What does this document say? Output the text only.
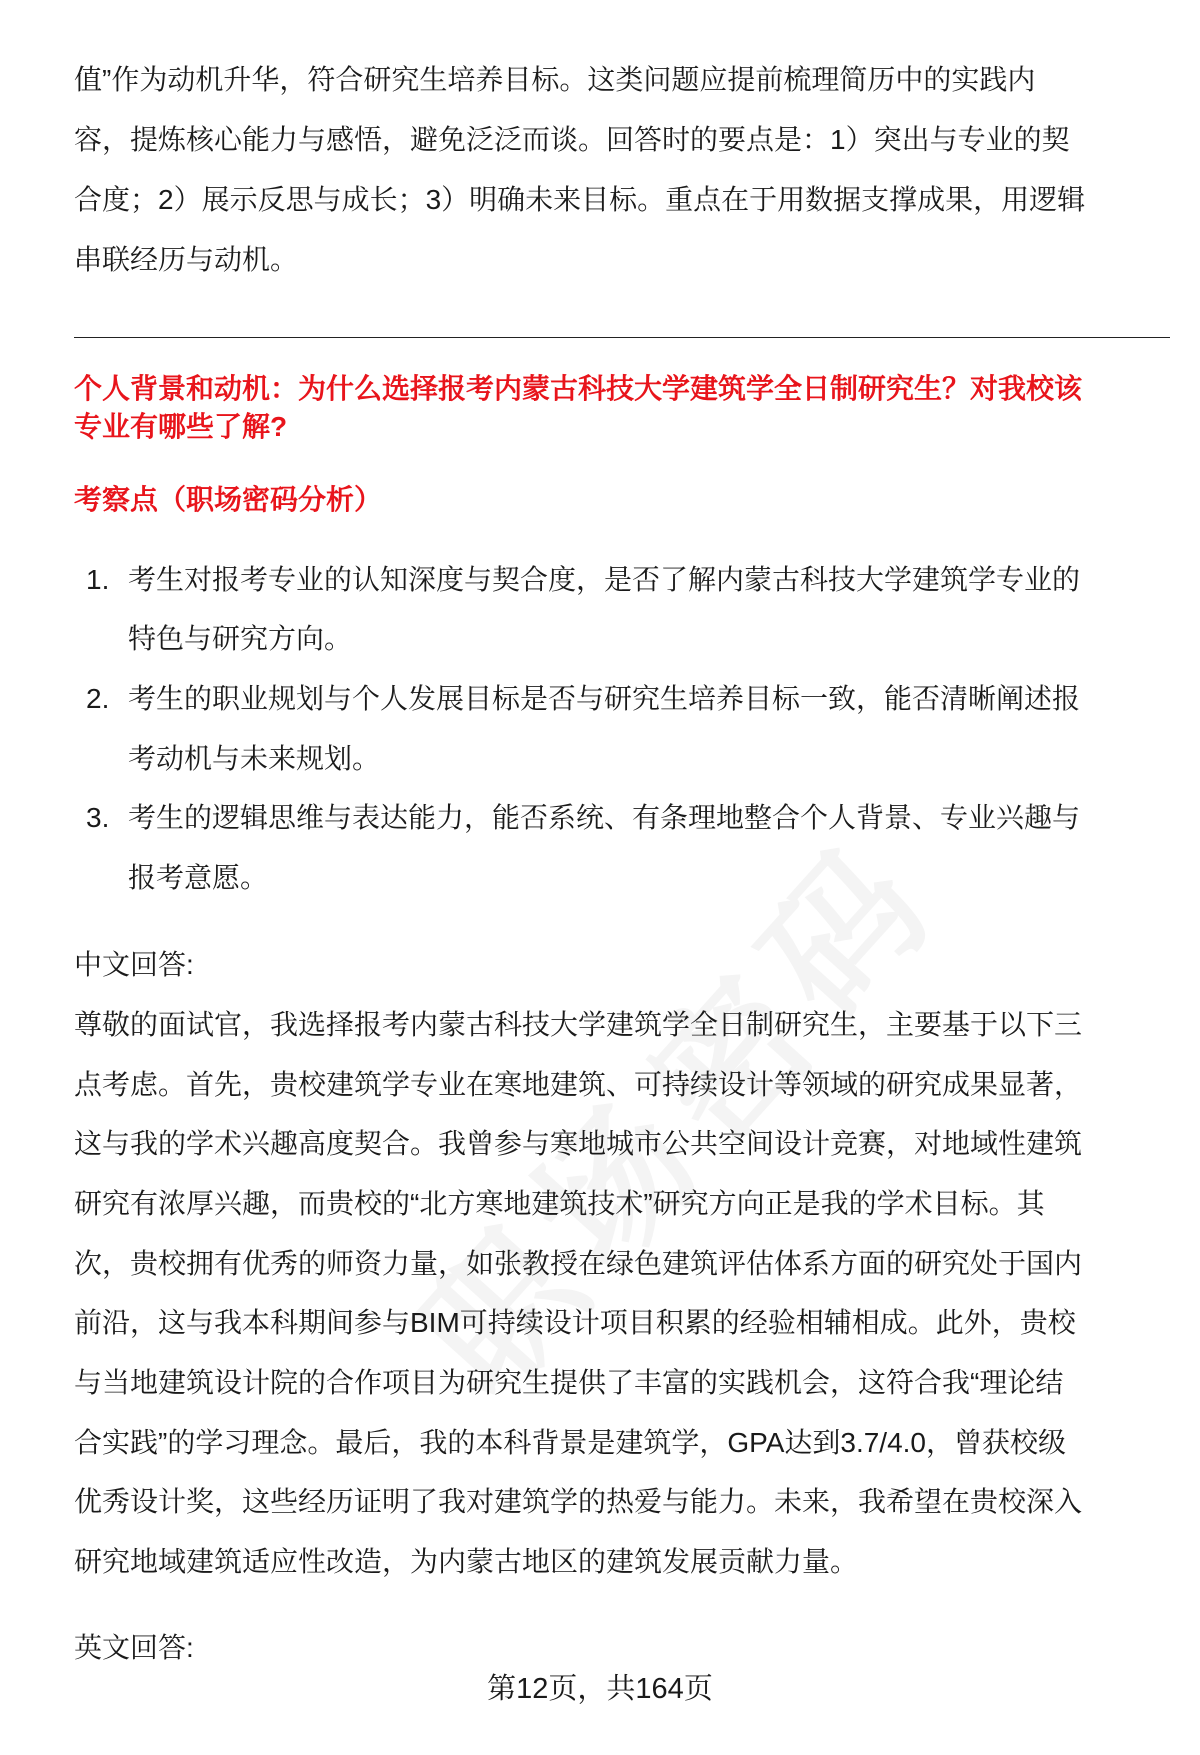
值”作为动机升华，符合研究生培养目标。这类问题应提前梳理简历中的实践内
容，提炼核心能力与感悟，避免泛泛而谈。回答时的要点是：1）突出与专业的契
合度；2）展示反思与成长；3）明确未来目标。重点在于用数据支撑成果，用逻辑
串联经历与动机。
个人背景和动机：为什么选择报考内蒙古科技大学建筑学全日制研究生？对我校该
专业有哪些了解?
考察点（职场密码分析）
1. 考生对报考专业的认知深度与契合度，是否了解内蒙古科技大学建筑学专业的
特色与研究方向。
2. 考生的职业规划与个人发展目标是否与研究生培养目标一致，能否清晰阐述报
考动机与未来规划。
3. 考生的逻辑思维与表达能力，能否系统、有条理地整合个人背景、专业兴趣与
报考意愿。
中文回答:
尊敬的面试官，我选择报考内蒙古科技大学建筑学全日制研究生，主要基于以下三
点考虑。首先，贵校建筑学专业在寒地建筑、可持续设计等领域的研究成果显著，
这与我的学术兴趣高度契合。我曾参与寒地城市公共空间设计竞赛，对地域性建筑
研究有浓厚兴趣，而贵校的“北方寒地建筑技术”研究方向正是我的学术目标。其
次，贵校拥有优秀的师资力量，如张教授在绿色建筑评估体系方面的研究处于国内
前沿，这与我本科期间参与BIM可持续设计项目积累的经验相辅相成。此外，贵校
与当地建筑设计院的合作项目为研究生提供了丰富的实践机会，这符合我“理论结
合实践”的学习理念。最后，我的本科背景是建筑学，GPA达到3.7/4.0，曾获校级
优秀设计奖，这些经历证明了我对建筑学的热爱与能力。未来，我希望在贵校深入
研究地域建筑适应性改造，为内蒙古地区的建筑发展贡献力量。
英文回答:
第12页，共164页
